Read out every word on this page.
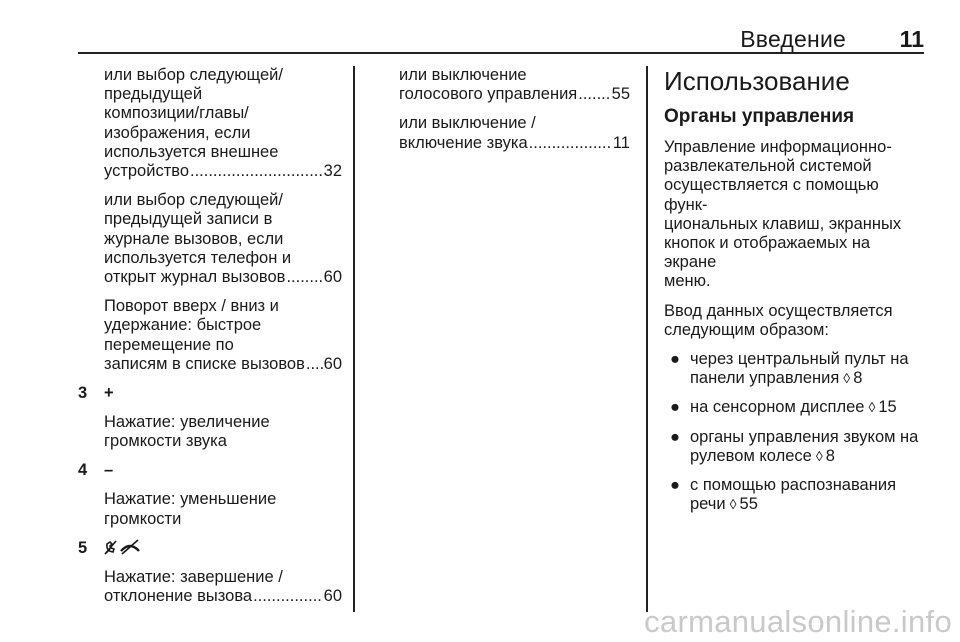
Введение 11
или выбор следующей/
предыдущей
композиции/главы/
изображения, если
используется внешнее
устройство .....	32
или выбор следующей/
предыдущей записи в
журнале вызовов, если
используется телефон и
открыт журнал вызовов ..... 60
Поворот вверх / вниз и
удержание: быстрое
перемещение по
записям в списке вызовов ..... 60
3 +
Нажатие: увеличение
громкости звука
4 –
Нажатие: уменьшение
громкости
5
Нажатие: завершение /
отклонение вызова .....	60
или выключение
голосового управления ..... 55
или выключение /
включение звука .....	11
Использование
Органы управления
Управление информационно-
развлекательной системой
осуществляется с помощью функ-
циональных клавиш, экранных
кнопок и отображаемых на экране
меню.
Ввод данных осуществляется
следующим образом:
● через центральный пульт на
панели управления ◊ 8
● на сенсорном дисплее ◊ 15
● органы управления звуком на
рулевом колесе ◊ 8
● с помощью распознавания
речи ◊ 55
carmanualsonline.info
